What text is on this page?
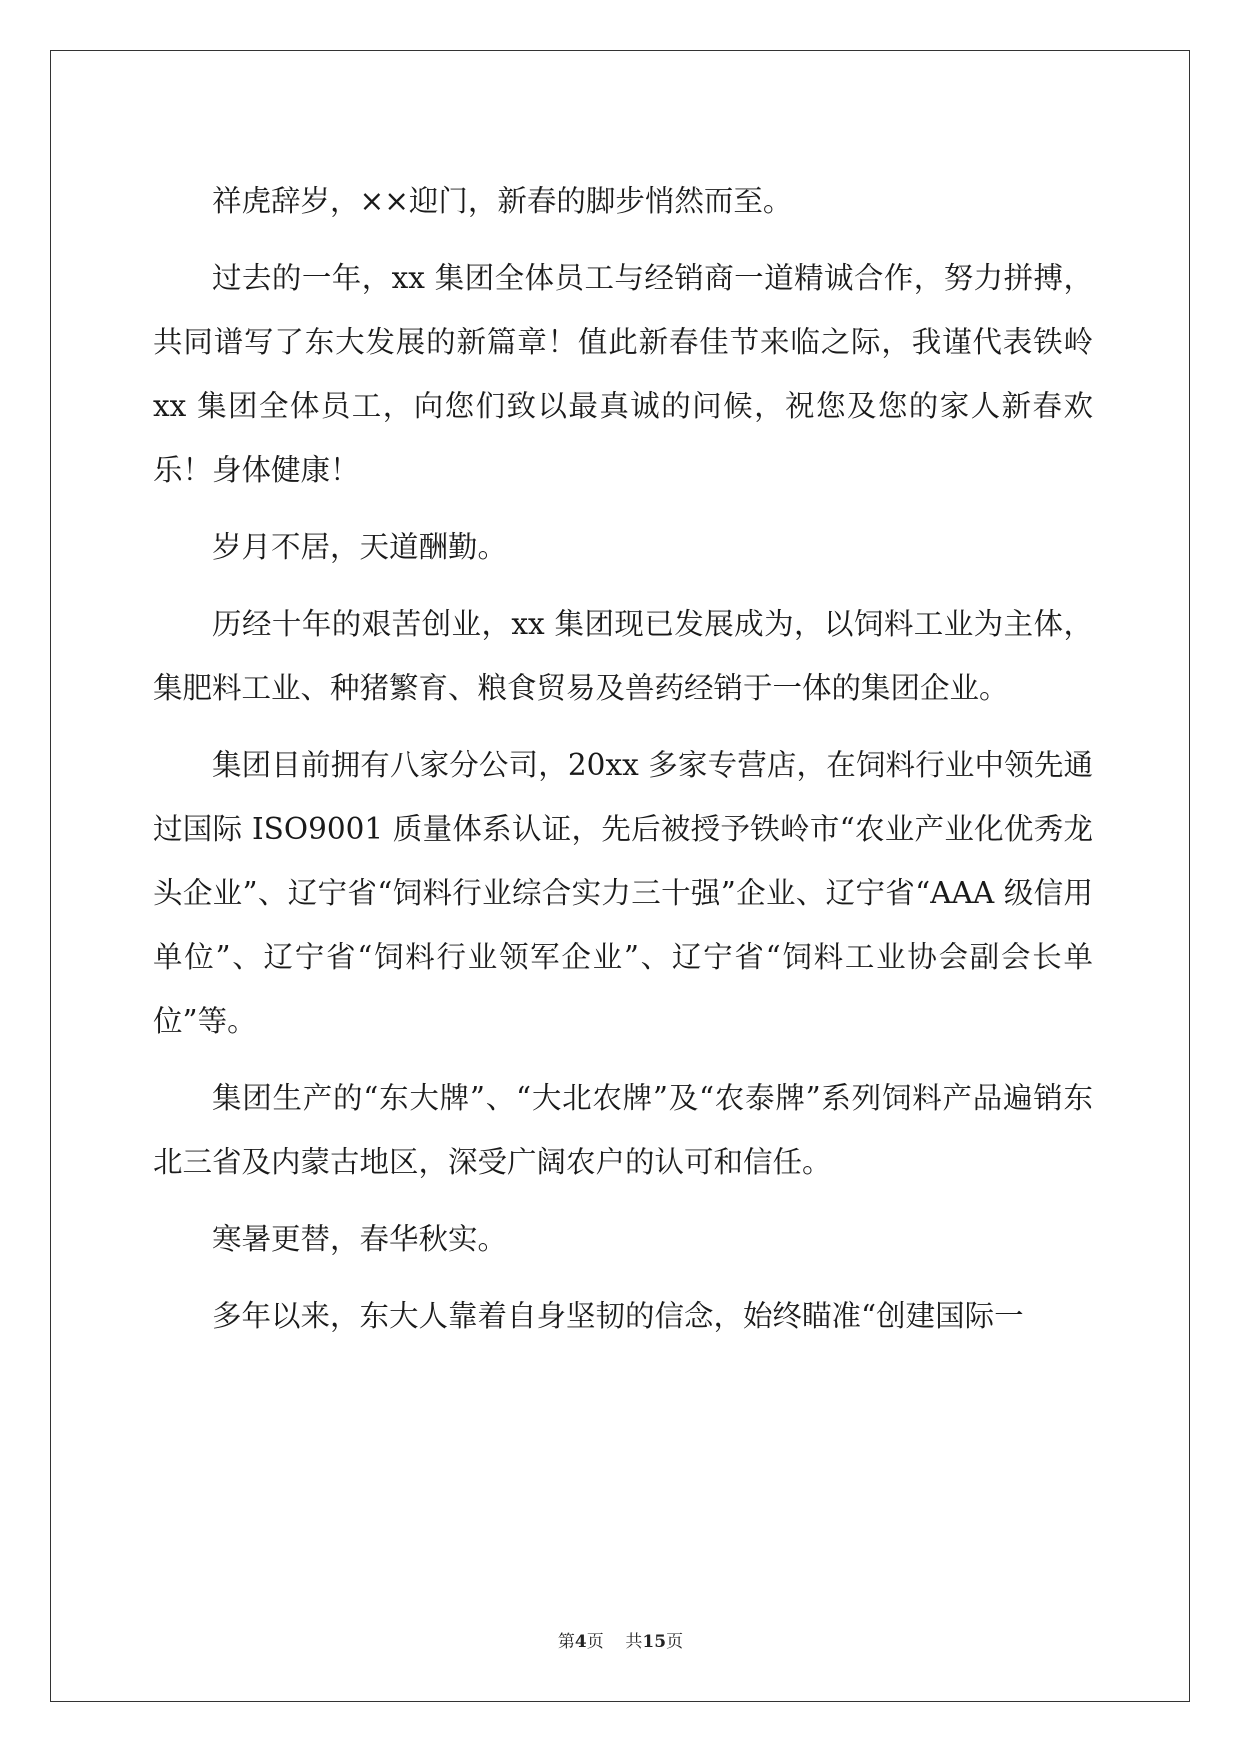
祥虎辞岁，××迎门，新春的脚步悄然而至。

过去的一年，xx 集团全体员工与经销商一道精诚合作，努力拼搏，共同谱写了东大发展的新篇章！值此新春佳节来临之际，我谨代表铁岭 xx 集团全体员工，向您们致以最真诚的问候，祝您及您的家人新春欢乐！身体健康！

岁月不居，天道酬勤。

历经十年的艰苦创业，xx 集团现已发展成为，以饲料工业为主体，集肥料工业、种猪繁育、粮食贸易及兽药经销于一体的集团企业。

集团目前拥有八家分公司，20xx 多家专营店，在饲料行业中领先通过国际 ISO9001 质量体系认证，先后被授予铁岭市“农业产业化优秀龙头企业”、辽宁省“饲料行业综合实力三十强”企业、辽宁省“AAA 级信用单位”、辽宁省“饲料行业领军企业”、辽宁省“饲料工业协会副会长单位”等。

集团生产的“东大牌”、“大北农牌”及“农泰牌”系列饲料产品遍销东北三省及内蒙古地区，深受广阔农户的认可和信任。

寒暑更替，春华秋实。

多年以来，东大人靠着自身坚韧的信念，始终瞄准“创建国际一

第4页 共15页
